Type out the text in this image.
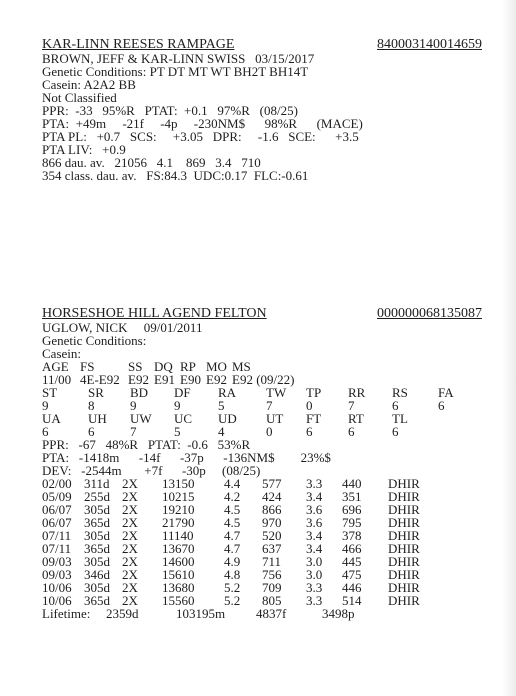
KAR-LINN REESES RAMPAGE	840003140014659
BROWN, JEFF & KAR-LINN SWISS   03/15/2017
Genetic Conditions: PT DT MT WT BH2T BH14T
Casein: A2A2 BB
Not Classified
PPR:  -33   95%R   PTAT:  +0.1   97%R   (08/25)
PTA:  +49m     -21f     -4p     -230NM$      98%R      (MACE)
PTA PL:   +0.7   SCS:     +3.05   DPR:     -1.6   SCE:      +3.5
PTA LIV:   +0.9
866 dau. av.   21056   4.1    869   3.4   710
354 class. dau. av.   FS:84.3  UDC:0.17  FLC:-0.61
HORSESHOE HILL AGEND FELTON	000000068135087
UGLOW, NICK     09/01/2011
Genetic Conditions:
Casein:
AGE	FS	SS	DQ	RP	MO	MS
11/00	4E-E92	E92	E91	E90	E92	E92 (09/22)
ST	SR	BD	DF	RA	TW	TP	RR	RS	FA
9	8	9	9	5	7	0	7	6	6
UA	UH	UW	UC	UD	UT	FT	RT	TL	
6	6	7	5	4	0	6	6	6	
PPR:   -67   48%R   PTAT:  -0.6   53%R
PTA:   -1418m      -14f      -37p      -136NM$        23%$
DEV:   -2544m       +7f      -30p     (08/25)
02/00	311d	2X	13150	4.4	577	3.3	440	DHIR
05/09	255d	2X	10215	4.2	424	3.4	351	DHIR
06/07	305d	2X	19210	4.5	866	3.6	696	DHIR
06/07	365d	2X	21790	4.5	970	3.6	795	DHIR
07/11	305d	2X	11140	4.7	520	3.4	378	DHIR
07/11	365d	2X	13670	4.7	637	3.4	466	DHIR
09/03	305d	2X	14600	4.9	711	3.0	445	DHIR
09/03	346d	2X	15610	4.8	756	3.0	475	DHIR
10/06	305d	2X	13680	5.2	709	3.3	446	DHIR
10/06	365d	2X	15560	5.2	805	3.3	514	DHIR
Lifetime:	2359d	103195m	4837f	3498p
